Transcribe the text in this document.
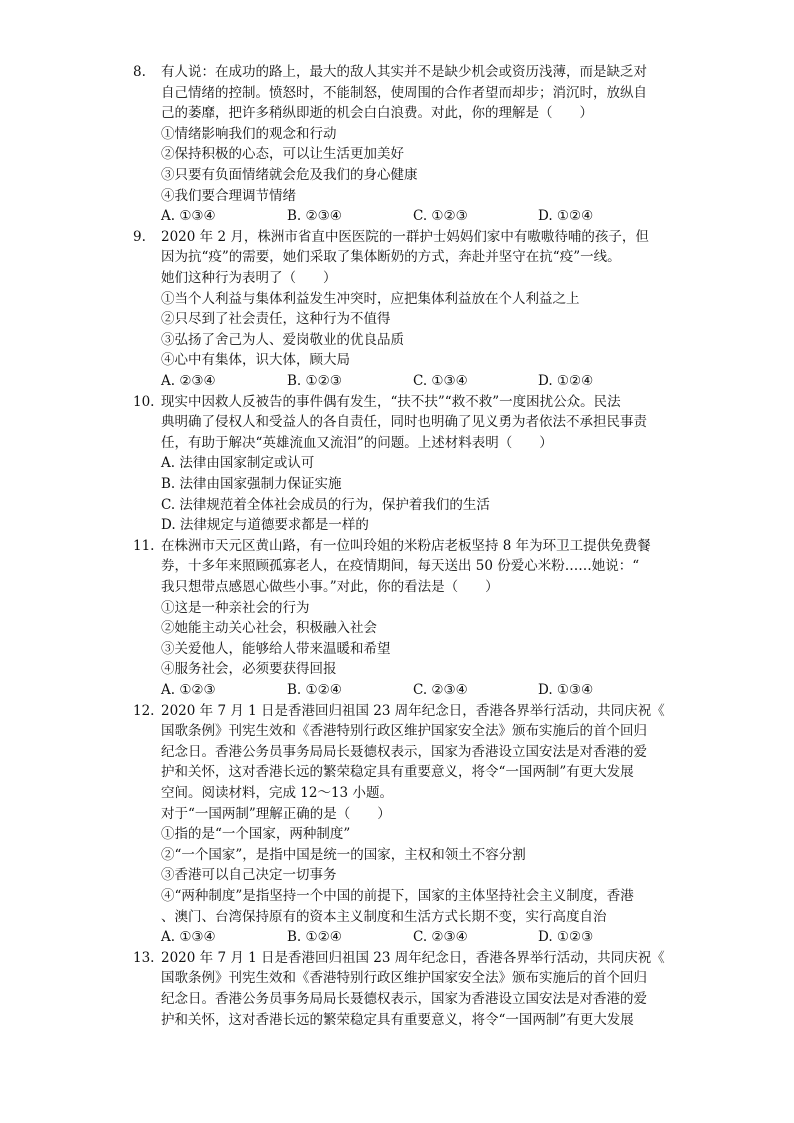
8.	有人说：在成功的路上，最大的敌人其实并不是缺少机会或资历浅薄，而是缺乏对
自己情绪的控制。愤怒时，不能制怒，使周围的合作者望而却步；消沉时，放纵自
己的萎靡，把许多稍纵即逝的机会白白浪费。对此，你的理解是（　　）
①情绪影响我们的观念和行动
②保持积极的心态，可以让生活更加美好
③只要有负面情绪就会危及我们的身心健康
④我们要合理调节情绪
A. ①③④	B. ②③④	C. ①②③	D. ①②④
9.	2020 年 2 月，株洲市省直中医医院的一群护士妈妈们家中有嗷嗷待哺的孩子，但
因为抗“疫”的需要，她们采取了集体断奶的方式，奔赴并坚守在抗“疫”一线。
她们这种行为表明了（　　）
①当个人利益与集体利益发生冲突时，应把集体利益放在个人利益之上
②只尽到了社会责任，这种行为不值得
③弘扬了舍己为人、爱岗敬业的优良品质
④心中有集体，识大体，顾大局
A. ②③④	B. ①②③	C. ①③④	D. ①②④
10. 现实中因救人反被告的事件偶有发生，“扶不扶”“救不救”一度困扰公众。民法
典明确了侵权人和受益人的各自责任，同时也明确了见义勇为者依法不承担民事责
任，有助于解决“英雄流血又流泪”的问题。上述材料表明（　　）
A. 法律由国家制定或认可
B. 法律由国家强制力保证实施
C. 法律规范着全体社会成员的行为，保护着我们的生活
D. 法律规定与道德要求都是一样的
11. 在株洲市天元区黄山路，有一位叫玲姐的米粉店老板坚持 8 年为环卫工提供免费餐
券，十多年来照顾孤寡老人，在疫情期间，每天送出 50 份爱心米粉……她说：“
我只想带点感恩心做些小事。”对此，你的看法是（　　）
①这是一种亲社会的行为
②她能主动关心社会，积极融入社会
③关爱他人，能够给人带来温暖和希望
④服务社会，必须要获得回报
A. ①②③	B. ①②④	C. ②③④	D. ①③④
12. 2020 年 7 月 1 日是香港回归祖国 23 周年纪念日，香港各界举行活动，共同庆祝《
国歌条例》刊宪生效和《香港特别行政区维护国家安全法》颁布实施后的首个回归
纪念日。香港公务员事务局局长聂德权表示，国家为香港设立国安法是对香港的爱
护和关怀，这对香港长远的繁荣稳定具有重要意义，将令“一国两制”有更大发展
空间。阅读材料，完成 12～13 小题。
对于“一国两制”理解正确的是（　　）
①指的是“一个国家，两种制度”
②“一个国家”，是指中国是统一的国家，主权和领土不容分割
③香港可以自己决定一切事务
④“两种制度”是指坚持一个中国的前提下，国家的主体坚持社会主义制度，香港
、澳门、台湾保持原有的资本主义制度和生活方式长期不变，实行高度自治
A. ①③④	B. ①②④	C. ②③④	D. ①②③
13. 2020 年 7 月 1 日是香港回归祖国 23 周年纪念日，香港各界举行活动，共同庆祝《
国歌条例》刊宪生效和《香港特别行政区维护国家安全法》颁布实施后的首个回归
纪念日。香港公务员事务局局长聂德权表示，国家为香港设立国安法是对香港的爱
护和关怀，这对香港长远的繁荣稳定具有重要意义，将令“一国两制”有更大发展
